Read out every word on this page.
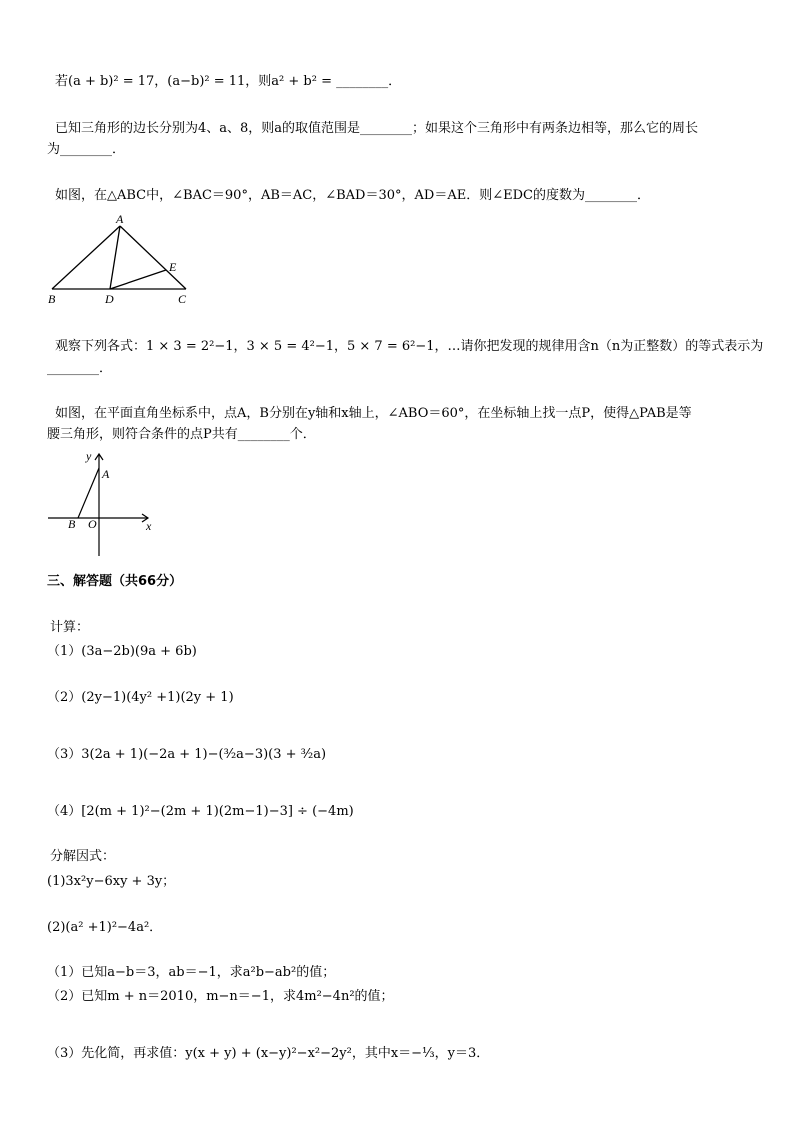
若(a + b)² = 17，(a−b)² = 11，则a² + b² = ________．
已知三角形的边长分别为4、a、8，则a的取值范围是________；如果这个三角形中有两条边相等，那么它的周长
为________．
如图，在△ABC中，∠BAC＝90°，AB＝AC，∠BAD＝30°，AD＝AE．则∠EDC的度数为________．
A
B	D	C
E
观察下列各式：1 × 3 = 2²−1，3 × 5 = 4²−1，5 × 7 = 6²−1，…请你把发现的规律用含n（n为正整数）的等式表示为
________．
如图，在平面直角坐标系中，点A，B分别在y轴和x轴上，∠ABO＝60°，在坐标轴上找一点P，使得△PAB是等
腰三角形，则符合条件的点P共有________个．
y
A
B O	x
三、解答题（共66分）
计算：
（1）(3a−2b)(9a + 6b)
（2）(2y−1)(4y² +1)(2y + 1)
（3）3(2a + 1)(−2a + 1)−(³⁄₂a−3)(3 + ³⁄₂a)
（4）[2(m + 1)²−(2m + 1)(2m−1)−3] ÷ (−4m)
分解因式：
(1)3x²y−6xy + 3y；
(2)(a² +1)²−4a²．
（1）已知a−b＝3，ab＝−1，求a²b−ab²的值；
（2）已知m + n＝2010，m−n＝−1，求4m²−4n²的值；
（3）先化简，再求值：y(x + y) + (x−y)²−x²−2y²，其中x＝−⅓，y＝3．
